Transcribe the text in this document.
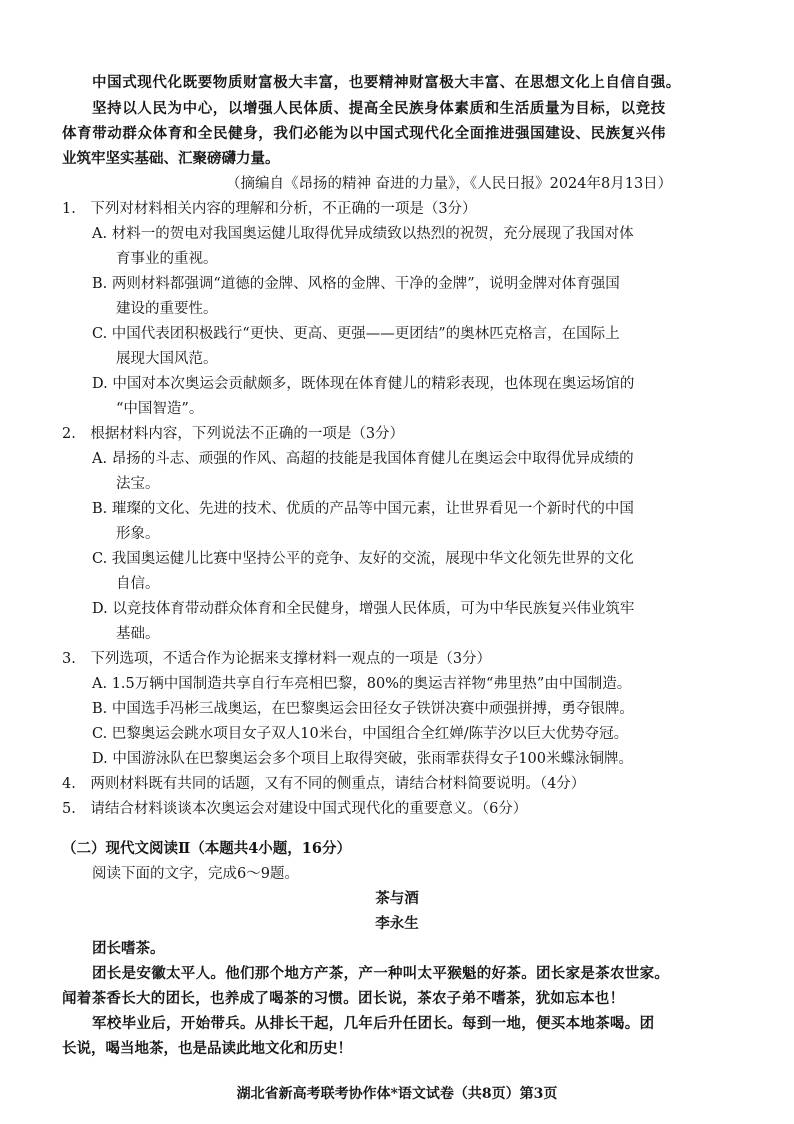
中国式现代化既要物质财富极大丰富，也要精神财富极大丰富、在思想文化上自信自强。
坚持以人民为中心，以增强人民体质、提高全民族身体素质和生活质量为目标，以竞技
体育带动群众体育和全民健身，我们必能为以中国式现代化全面推进强国建设、民族复兴伟
业筑牢坚实基础、汇聚磅礴力量。
（摘编自《昂扬的精神 奋进的力量》，《人民日报》2024年8月13日）
1.　下列对材料相关内容的理解和分析，不正确的一项是（3分）
A. 材料一的贺电对我国奥运健儿取得优异成绩致以热烈的祝贺，充分展现了我国对体
育事业的重视。
B. 两则材料都强调“道德的金牌、风格的金牌、干净的金牌”，说明金牌对体育强国
建设的重要性。
C. 中国代表团积极践行“更快、更高、更强——更团结”的奥林匹克格言，在国际上
展现大国风范。
D. 中国对本次奥运会贡献颇多，既体现在体育健儿的精彩表现，也体现在奥运场馆的
“中国智造”。
2.　根据材料内容，下列说法不正确的一项是（3分）
A. 昂扬的斗志、顽强的作风、高超的技能是我国体育健儿在奥运会中取得优异成绩的
法宝。
B. 璀璨的文化、先进的技术、优质的产品等中国元素，让世界看见一个新时代的中国
形象。
C. 我国奥运健儿比赛中坚持公平的竞争、友好的交流，展现中华文化领先世界的文化
自信。
D. 以竞技体育带动群众体育和全民健身，增强人民体质，可为中华民族复兴伟业筑牢
基础。
3.　下列选项，不适合作为论据来支撑材料一观点的一项是（3分）
A. 1.5万辆中国制造共享自行车亮相巴黎，80%的奥运吉祥物“弗里热”由中国制造。
B. 中国选手冯彬三战奥运，在巴黎奥运会田径女子铁饼决赛中顽强拼搏，勇夺银牌。
C. 巴黎奥运会跳水项目女子双人10米台，中国组合全红婵/陈芋汐以巨大优势夺冠。
D. 中国游泳队在巴黎奥运会多个项目上取得突破，张雨霏获得女子100米蝶泳铜牌。
4.　两则材料既有共同的话题，又有不同的侧重点，请结合材料简要说明。（4分）
5.　请结合材料谈谈本次奥运会对建设中国式现代化的重要意义。（6分）
（二）现代文阅读Ⅱ（本题共4小题，16分）
阅读下面的文字，完成6～9题。
茶与酒
李永生
团长嗜茶。
团长是安徽太平人。他们那个地方产茶，产一种叫太平猴魁的好茶。团长家是茶农世家。
闻着茶香长大的团长，也养成了喝茶的习惯。团长说，茶农子弟不嗜茶，犹如忘本也！
军校毕业后，开始带兵。从排长干起，几年后升任团长。每到一地，便买本地茶喝。团
长说，喝当地茶，也是品读此地文化和历史！
湖北省新高考联考协作体*语文试卷（共8页）第3页
